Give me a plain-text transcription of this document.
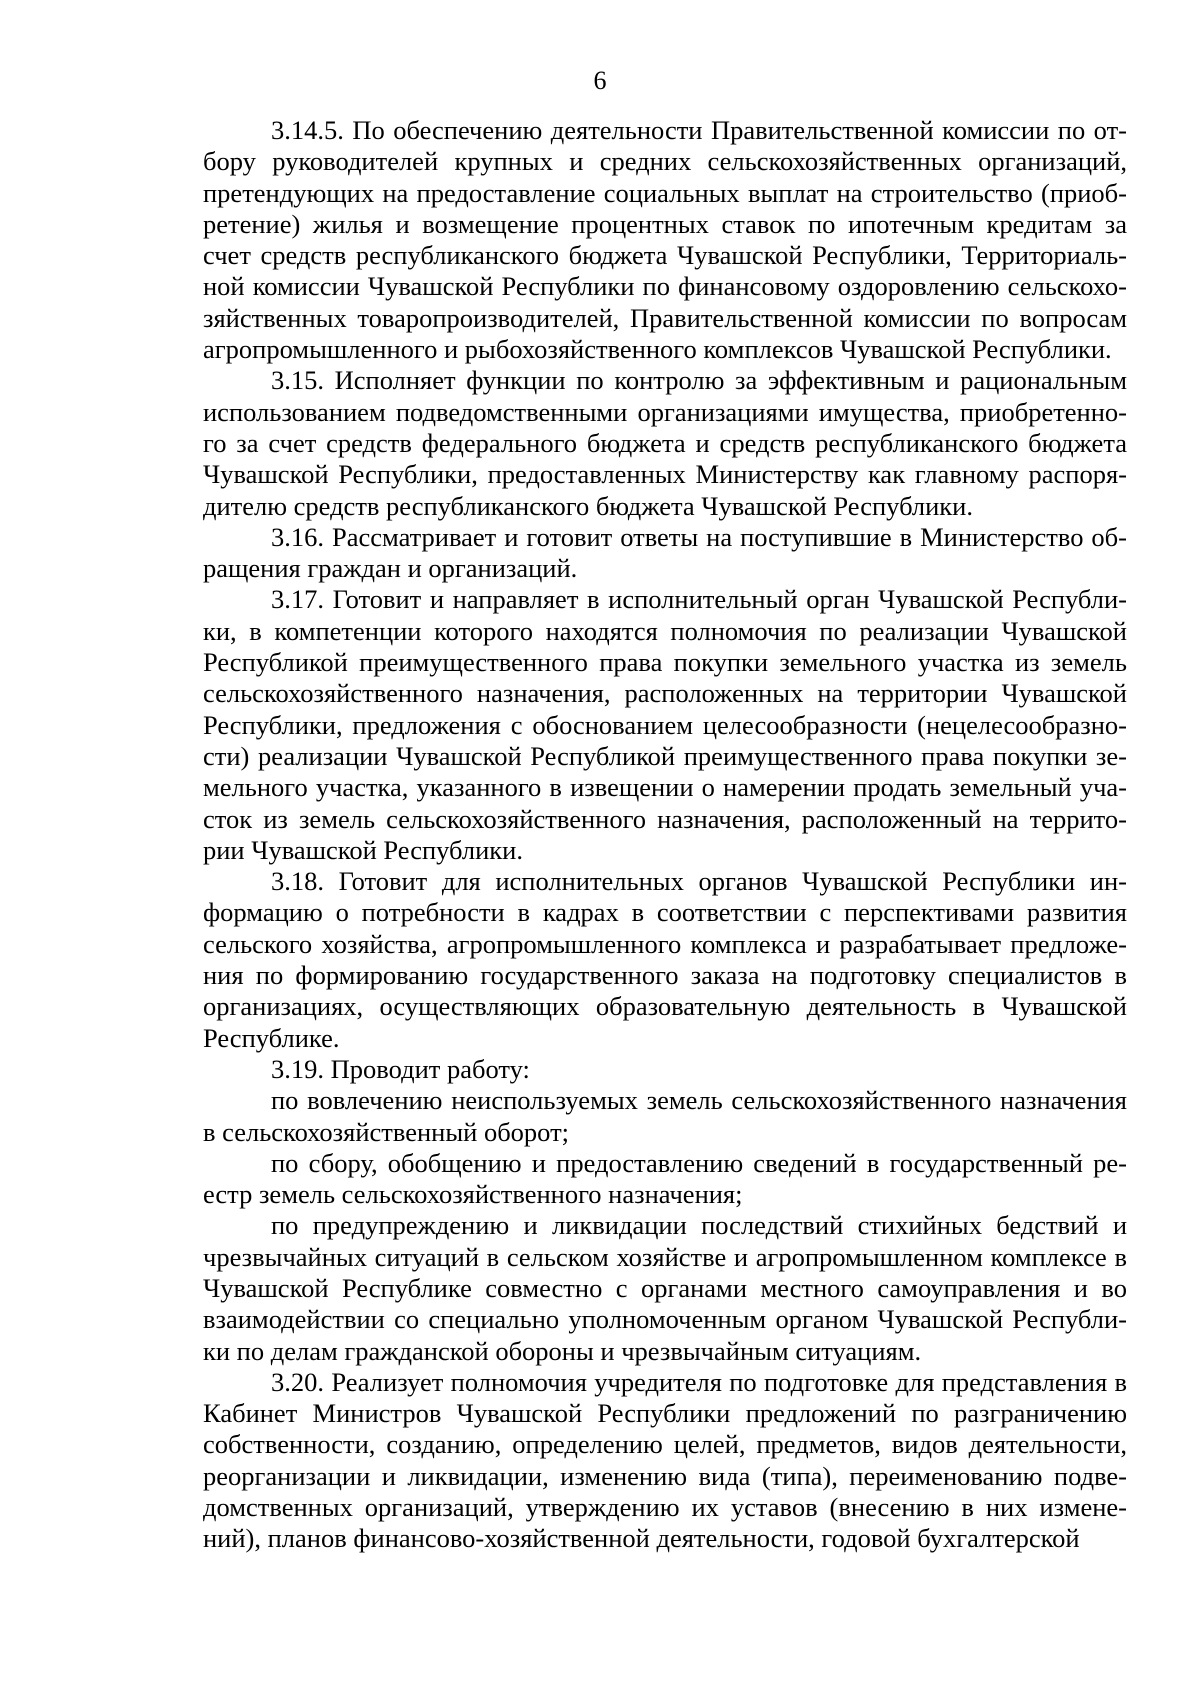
6

3.14.5. По обеспечению деятельности Правительственной комиссии по отбору руководителей крупных и средних сельскохозяйственных организаций, претендующих на предоставление социальных выплат на строительство (приобретение) жилья и возмещение процентных ставок по ипотечным кредитам за счет средств республиканского бюджета Чувашской Республики, Территориальной комиссии Чувашской Республики по финансовому оздоровлению сельскохозяйственных товаропроизводителей, Правительственной комиссии по вопросам агропромышленного и рыбохозяйственного комплексов Чувашской Республики.

3.15. Исполняет функции по контролю за эффективным и рациональным использованием подведомственными организациями имущества, приобретенного за счет средств федерального бюджета и средств республиканского бюджета Чувашской Республики, предоставленных Министерству как главному распорядителю средств республиканского бюджета Чувашской Республики.

3.16. Рассматривает и готовит ответы на поступившие в Министерство обращения граждан и организаций.

3.17. Готовит и направляет в исполнительный орган Чувашской Республики, в компетенции которого находятся полномочия по реализации Чувашской Республикой преимущественного права покупки земельного участка из земель сельскохозяйственного назначения, расположенных на территории Чувашской Республики, предложения с обоснованием целесообразности (нецелесообразности) реализации Чувашской Республикой преимущественного права покупки земельного участка, указанного в извещении о намерении продать земельный участок из земель сельскохозяйственного назначения, расположенный на территории Чувашской Республики.

3.18. Готовит для исполнительных органов Чувашской Республики информацию о потребности в кадрах в соответствии с перспективами развития сельского хозяйства, агропромышленного комплекса и разрабатывает предложения по формированию государственного заказа на подготовку специалистов в организациях, осуществляющих образовательную деятельность в Чувашской Республике.

3.19. Проводит работу:

по вовлечению неиспользуемых земель сельскохозяйственного назначения в сельскохозяйственный оборот;

по сбору, обобщению и предоставлению сведений в государственный реестр земель сельскохозяйственного назначения;

по предупреждению и ликвидации последствий стихийных бедствий и чрезвычайных ситуаций в сельском хозяйстве и агропромышленном комплексе в Чувашской Республике совместно с органами местного самоуправления и во взаимодействии со специально уполномоченным органом Чувашской Республики по делам гражданской обороны и чрезвычайным ситуациям.

3.20. Реализует полномочия учредителя по подготовке для представления в Кабинет Министров Чувашской Республики предложений по разграничению собственности, созданию, определению целей, предметов, видов деятельности, реорганизации и ликвидации, изменению вида (типа), переименованию подведомственных организаций, утверждению их уставов (внесению в них изменений), планов финансово-хозяйственной деятельности, годовой бухгалтерской
